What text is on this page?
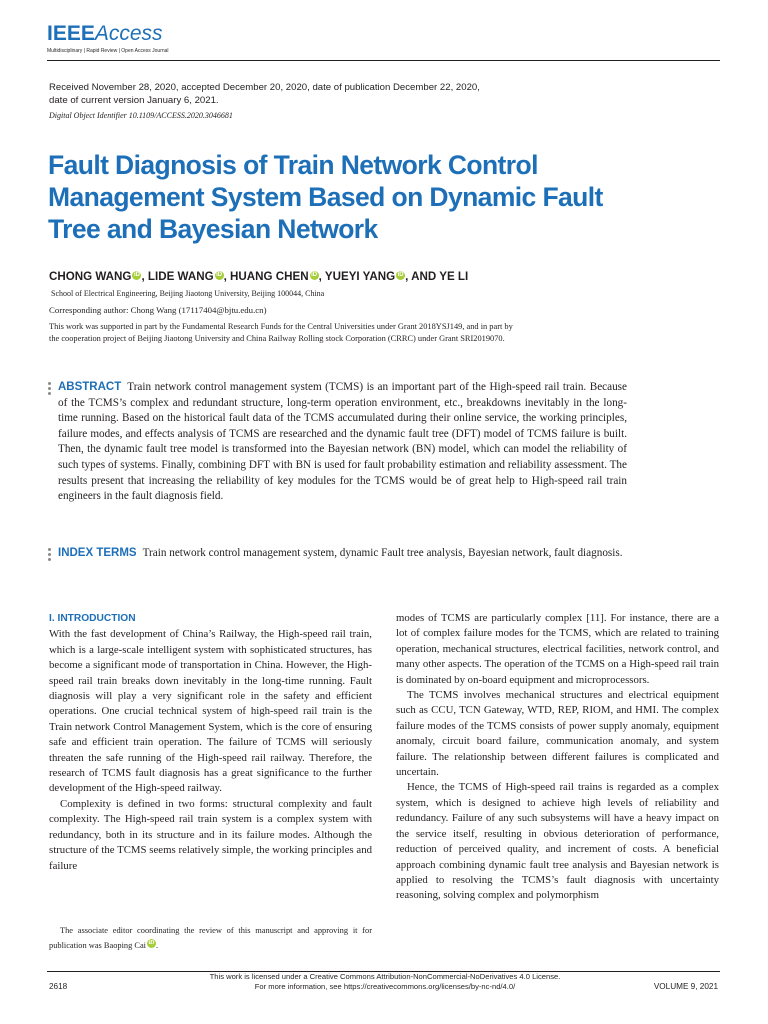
IEEEAccess
Multidisciplinary | Rapid Review | Open Access Journal
Received November 28, 2020, accepted December 20, 2020, date of publication December 22, 2020,
date of current version January 6, 2021.
Digital Object Identifier 10.1109/ACCESS.2020.3046681
Fault Diagnosis of Train Network Control
Management System Based on Dynamic Fault
Tree and Bayesian Network
CHONG WANG iD , LIDE WANG iD , HUANG CHEN iD , YUEYI YANG iD , AND YE LI
School of Electrical Engineering, Beijing Jiaotong University, Beijing 100044, China
Corresponding author: Chong Wang (17117404@bjtu.edu.cn)
This work was supported in part by the Fundamental Research Funds for the Central Universities under Grant 2018YSJ149, and in part by
the cooperation project of Beijing Jiaotong University and China Railway Rolling stock Corporation (CRRC) under Grant SRI2019070.
ABSTRACT Train network control management system (TCMS) is an important part of the High-speed rail train. Because of the TCMS’s complex and redundant structure, long-term operation environment, etc., breakdowns inevitably in the long-time running. Based on the historical fault data of the TCMS accumulated during their online service, the working principles, failure modes, and effects analysis of TCMS are researched and the dynamic fault tree (DFT) model of TCMS failure is built. Then, the dynamic fault tree model is transformed into the Bayesian network (BN) model, which can model the reliability of such types of systems. Finally, combining DFT with BN is used for fault probability estimation and reliability assessment. The results present that increasing the reliability of key modules for the TCMS would be of great help to High-speed rail train engineers in the fault diagnosis field.
INDEX TERMS Train network control management system, dynamic Fault tree analysis, Bayesian network, fault diagnosis.
I. INTRODUCTION

With the fast development of China’s Railway, the High-speed rail train, which is a large-scale intelligent system with sophisticated structures, has become a significant mode of transportation in China. However, the High-speed rail train breaks down inevitably in the long-time running. Fault diagnosis will play a very significant role in the safety and efficient operations. One crucial technical system of high-speed rail train is the Train network Control Management System, which is the core of ensuring safe and efficient train operation. The failure of TCMS will seriously threaten the safe running of the High-speed rail railway. Therefore, the research of TCMS fault diagnosis has a great significance to the further development of the High-speed railway.

Complexity is defined in two forms: structural complexity and fault complexity. The High-speed rail train system is a complex system with redundancy, both in its structure and in its failure modes. Although the structure of the TCMS seems relatively simple, the working principles and failure

modes of TCMS are particularly complex [11]. For instance, there are a lot of complex failure modes for the TCMS, which are related to training operation, mechanical structures, electrical facilities, network control, and many other aspects. The operation of the TCMS on a High-speed rail train is dominated by on-board equipment and microprocessors.

The TCMS involves mechanical structures and electrical equipment such as CCU, TCN Gateway, WTD, REP, RIOM, and HMI. The complex failure modes of the TCMS consists of power supply anomaly, equipment anomaly, circuit board failure, communication anomaly, and system failure. The relationship between different failures is complicated and uncertain.

Hence, the TCMS of High-speed rail trains is regarded as a complex system, which is designed to achieve high levels of reliability and redundancy. Failure of any such subsystems will have a heavy impact on the service itself, resulting in obvious deterioration of performance, reduction of perceived quality, and increment of costs. A beneficial approach combining dynamic fault tree analysis and Bayesian network is applied to resolving the TCMS’s fault diagnosis with uncertainty reasoning, solving complex and polymorphism

The associate editor coordinating the review of this manuscript and approving it for publication was Baoping Cai iD .
This work is licensed under a Creative Commons Attribution-NonCommercial-NoDerivatives 4.0 License.
For more information, see https://creativecommons.org/licenses/by-nc-nd/4.0/
2618	VOLUME 9, 2021
